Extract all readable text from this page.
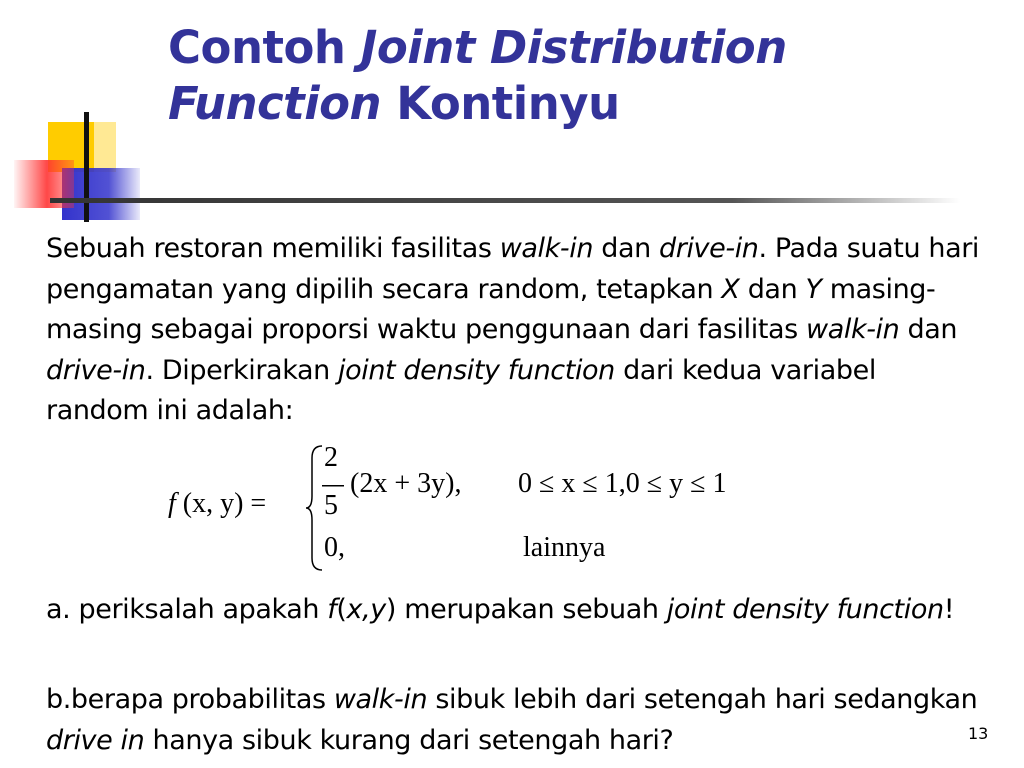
Contoh Joint Distribution
Function Kontinyu
Sebuah restoran memiliki fasilitas walk-in dan drive-in. Pada suatu hari pengamatan yang dipilih secara random, tetapkan X dan Y masing-masing sebagai proporsi waktu penggunaan dari fasilitas walk-in dan drive-in. Diperkirakan joint density function dari kedua variabel random ini adalah:
f (x, y) =
2
5
(2x + 3y), 0 ≤ x ≤ 1,0 ≤ y ≤ 1
0,	lainnya
a. periksalah apakah f(x,y) merupakan sebuah joint density function!
b.berapa probabilitas walk-in sibuk lebih dari setengah hari sedangkan drive in hanya sibuk kurang dari setengah hari?	13
